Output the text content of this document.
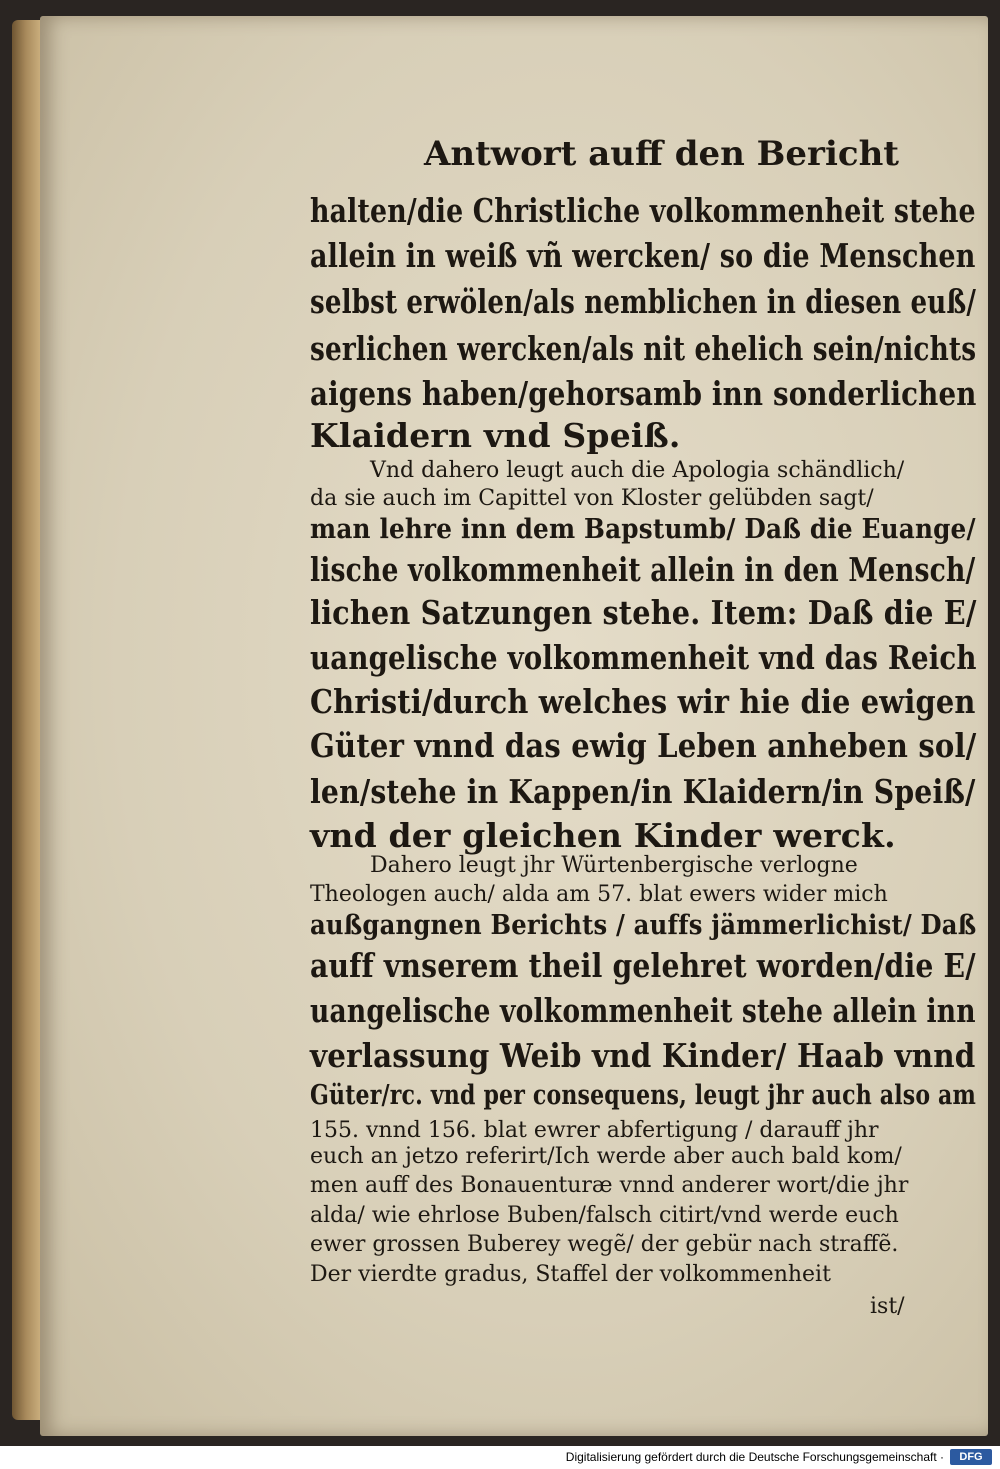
Antwort auff den Bericht
halten/die Christliche volkommenheit stehe
allein in weiß vñ wercken/ so die Menschen
selbst erwölen/als nemblichen in diesen euß/
serlichen wercken/als nit ehelich sein/nichts
aigens haben/gehorsamb inn sonderlichen
Klaidern vnd Speiß.
Vnd dahero leugt auch die Apologia schändlich/
da sie auch im Capittel von Kloster gelübden sagt/
man lehre inn dem Bapstumb/ Daß die Euange/
lische volkommenheit allein in den Mensch/
lichen Satzungen stehe. Item: Daß die E/
uangelische volkommenheit vnd das Reich
Christi/durch welches wir hie die ewigen
Güter vnnd das ewig Leben anheben sol/
len/stehe in Kappen/in Klaidern/in Speiß/
vnd der gleichen Kinder werck.
Dahero leugt jhr Würtenbergische verlogne
Theologen auch/ alda am 57. blat ewers wider mich
außgangnen Berichts / auffs jämmerlichist/ Daß
auff vnserem theil gelehret worden/die E/
uangelische volkommenheit stehe allein inn
verlassung Weib vnd Kinder/ Haab vnnd
Güter/rc. vnd per consequens, leugt jhr auch also am
155. vnnd 156. blat ewrer abfertigung / darauff jhr
euch an jetzo referirt/Ich werde aber auch bald kom/
men auff des Bonauenturæ vnnd anderer wort/die jhr
alda/ wie ehrlose Buben/falsch citirt/vnd werde euch
ewer grossen Buberey wegẽ/ der gebür nach straffẽ.
Der vierdte gradus, Staffel der volkommenheit
ist/
Digitalisierung gefördert durch die Deutsche Forschungsgemeinschaft ·	DFG
